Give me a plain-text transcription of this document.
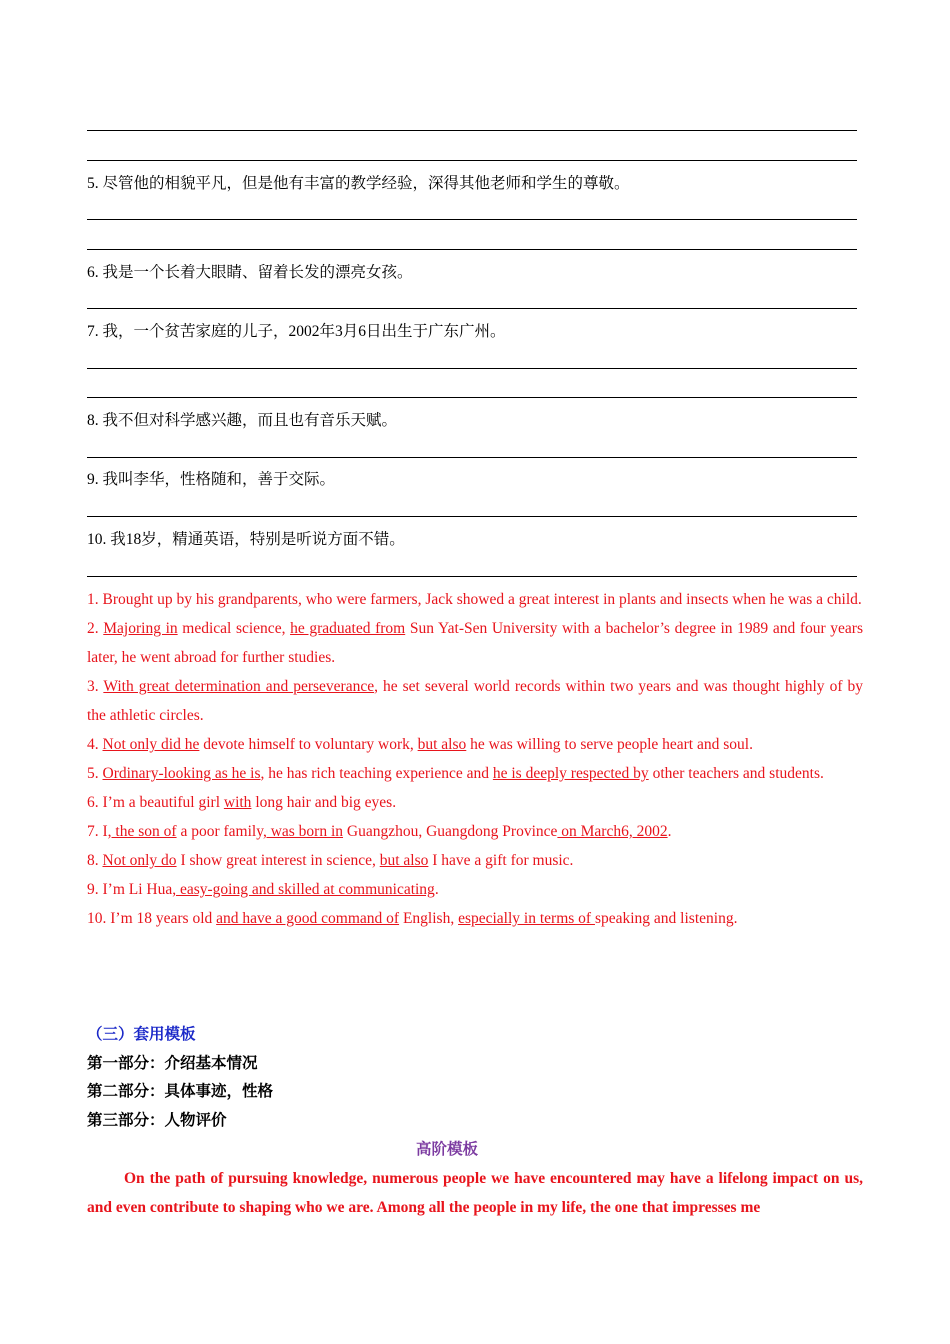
5. 尽管他的相貌平凡，但是他有丰富的教学经验，深得其他老师和学生的尊敬。
6. 我是一个长着大眼睛、留着长发的漂亮女孩。
7. 我，一个贫苦家庭的儿子，2002年3月6日出生于广东广州。
8. 我不但对科学感兴趣，而且也有音乐天赋。
9. 我叫李华，性格随和，善于交际。
10. 我18岁，精通英语，特别是听说方面不错。

1. Brought up by his grandparents, who were farmers, Jack showed a great interest in plants and insects when he was a child.

2. Majoring in medical science, he graduated from Sun Yat-Sen University with a bachelor’s degree in 1989 and four years later, he went abroad for further studies.

3. With great determination and perseverance, he set several world records within two years and was thought highly of by the athletic circles.

4. Not only did he devote himself to voluntary work, but also he was willing to serve people heart and soul.

5. Ordinary-looking as he is, he has rich teaching experience and he is deeply respected by other teachers and students.

6. I’m a beautiful girl with long hair and big eyes.

7. I, the son of a poor family, was born in Guangzhou, Guangdong Province on March6, 2002.

8. Not only do I show great interest in science, but also I have a gift for music.

9. I’m Li Hua, easy-going and skilled at communicating.

10. I’m 18 years old and have a good command of English, especially in terms of speaking and listening.

（三）套用模板
第一部分：介绍基本情况
第二部分：具体事迹，性格
第三部分：人物评价
高阶模板
On the path of pursuing knowledge, numerous people we have encountered may have a lifelong impact on us, and even contribute to shaping who we are. Among all the people in my life, the one that impresses me
